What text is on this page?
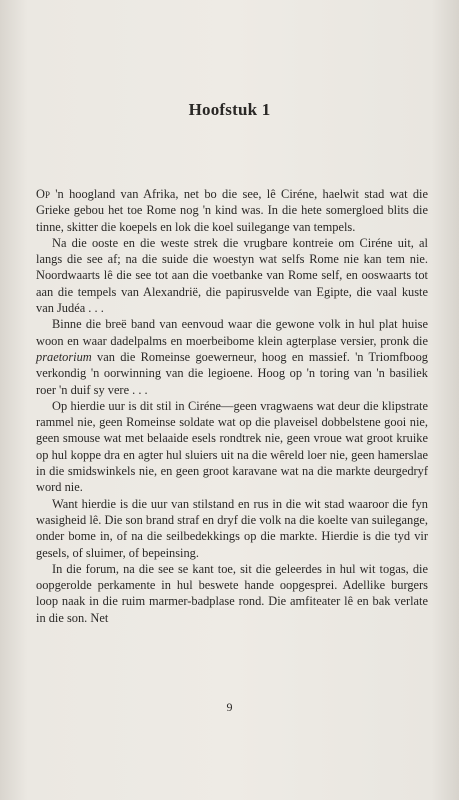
Hoofstuk 1

Op 'n hoogland van Afrika, net bo die see, lê Ciréne, haelwit stad wat die Grieke gebou het toe Rome nog 'n kind was. In die hete somergloed blits die tinne, skitter die koepels en lok die koel suilegange van tempels.

Na die ooste en die weste strek die vrugbare kontreie om Ciréne uit, al langs die see af; na die suide die woestyn wat selfs Rome nie kan tem nie. Noordwaarts lê die see tot aan die voetbanke van Rome self, en ooswaarts tot aan die tempels van Alexandrië, die papirusvelde van Egipte, die vaal kuste van Judéa . . .

Binne die breë band van eenvoud waar die gewone volk in hul plat huise woon en waar dadelpalms en moerbeibome klein agterplase versier, pronk die praetorium van die Romeinse goewerneur, hoog en massief. 'n Triomfboog verkondig 'n oorwinning van die legioene. Hoog op 'n toring van 'n basiliek roer 'n duif sy vere . . .

Op hierdie uur is dit stil in Ciréne—geen vragwaens wat deur die klipstrate rammel nie, geen Romeinse soldate wat op die plaveisel dobbelstene gooi nie, geen smouse wat met belaaide esels rondtrek nie, geen vroue wat groot kruike op hul koppe dra en agter hul sluiers uit na die wêreld loer nie, geen hamerslae in die smidswinkels nie, en geen groot karavane wat na die markte deurgedryf word nie.

Want hierdie is die uur van stilstand en rus in die wit stad waaroor die fyn wasigheid lê. Die son brand straf en dryf die volk na die koelte van suilegange, onder bome in, of na die seilbedekkings op die markte. Hierdie is die tyd vir gesels, of sluimer, of bepeinsing.

In die forum, na die see se kant toe, sit die geleerdes in hul wit togas, die oopgerolde perkamente in hul beswete hande oopgesprei. Adellike burgers loop naak in die ruim marmer-badplase rond. Die amfiteater lê en bak verlate in die son. Net

9
